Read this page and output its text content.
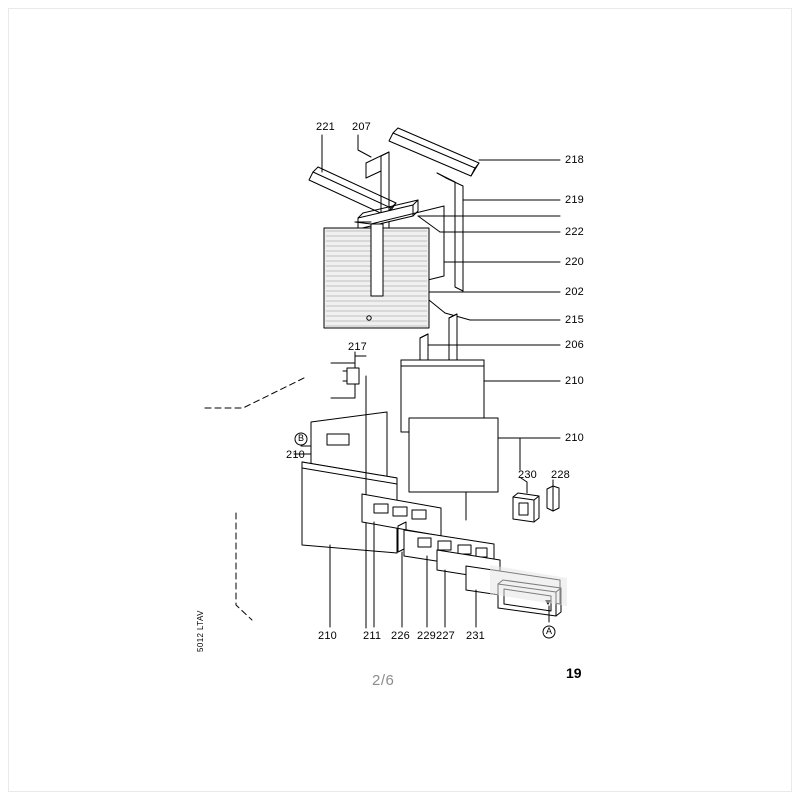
221 207
218
219
222
220
202
215
206
210
210
217
210
230 228
210 211 226 229 227 231	A
B
2/6	19
5012 LTAV
